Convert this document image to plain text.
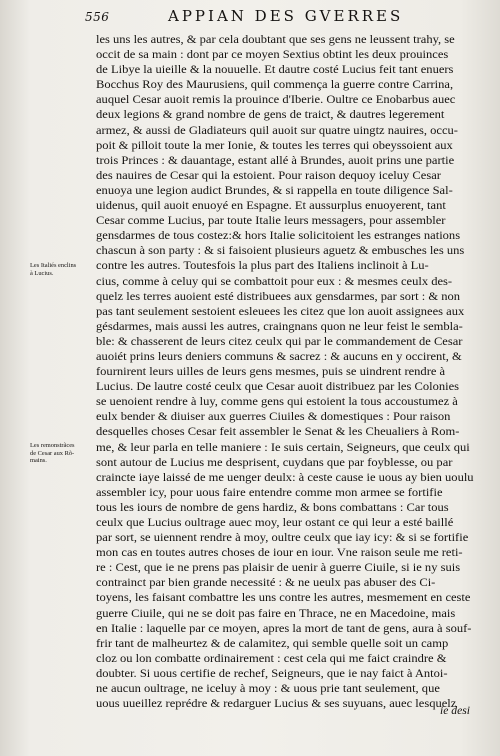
556	APPIAN DES GVERRES
les uns les autres, & par cela doubtant que ses gens ne leussent trahy, se
occit de sa main : dont par ce moyen Sextius obtint les deux prouinces
de Libye la uieille & la nouuelle. Et dautre costé Lucius feit tant enuers
Bocchus Roy des Maurusiens, quil commença la guerre contre Carrina,
auquel Cesar auoit remis la prouince d'Iberie. Oultre ce Enobarbus auec
deux legions & grand nombre de gens de traict, & dautres legerement
armez, & aussi de Gladiateurs quil auoit sur quatre uingtz nauires, occu-
poit & pilloit toute la mer Ionie, & toutes les terres qui obeyssoient aux
trois Princes : & dauantage, estant allé à Brundes, auoit prins une partie
des nauires de Cesar qui la estoient. Pour raison dequoy iceluy Cesar
enuoya une legion audict Brundes, & si rappella en toute diligence Sal-
uidenus, quil auoit enuoyé en Espagne. Et aussurplus enuoyerent, tant
Cesar comme Lucius, par toute Italie leurs messagers, pour assembler
gensdarmes de tous costez:& hors Italie solicitoient les estranges nations
chascun à son party : & si faisoient plusieurs aguetz & embusches les uns
contre les autres. Toutesfois la plus part des Italiens inclinoit à Lu-
cius, comme à celuy qui se combattoit pour eux : & mesmes ceulx des-
quelz les terres auoient esté distribuees aux gensdarmes, par sort : & non
pas tant seulement sestoient esleuees les citez que lon auoit assignees aux
gésdarmes, mais aussi les autres, craingnans quon ne leur feist le sembla-
ble: & chasserent de leurs citez ceulx qui par le commandement de Cesar
auoiét prins leurs deniers communs & sacrez : & aucuns en y occirent, &
fournirent leurs uilles de leurs gens mesmes, puis se uindrent rendre à
Lucius. De lautre costé ceulx que Cesar auoit distribuez par les Colonies
se uenoient rendre à luy, comme gens qui estoient la tous accoustumez à
eulx bender & diuiser aux guerres Ciuiles & domestiques : Pour raison
desquelles choses Cesar feit assembler le Senat & les Cheualiers à Rom-
me, & leur parla en telle maniere : Ie suis certain, Seigneurs, que ceulx qui
sont autour de Lucius me desprisent, cuydans que par foyblesse, ou par
craincte iaye laissé de me uenger deulx: à ceste cause ie uous ay bien uoulu
assembler icy, pour uous faire entendre comme mon armee se fortifie
tous les iours de nombre de gens hardiz, & bons combattans : Car tous
ceulx que Lucius oultrage auec moy, leur ostant ce qui leur a esté baillé
par sort, se uiennent rendre à moy, oultre ceulx que iay icy: & si se fortifie
mon cas en toutes autres choses de iour en iour. Vne raison seule me reti-
re : Cest, que ie ne prens pas plaisir de uenir à guerre Ciuile, si ie ny suis
contrainct par bien grande necessité : & ne ueulx pas abuser des Ci-
toyens, les faisant combattre les uns contre les autres, mesmement en ceste
guerre Ciuile, qui ne se doit pas faire en Thrace, ne en Macedoine, mais
en Italie : laquelle par ce moyen, apres la mort de tant de gens, aura à souf-
frir tant de malheurtez & de calamitez, qui semble quelle soit un camp
cloz ou lon combatte ordinairement : cest cela qui me faict craindre &
doubter. Si uous certifie de rechef, Seigneurs, que ie nay faict à Antoi-
ne aucun oultrage, ne iceluy à moy : & uous prie tant seulement, que
uous uueillez reprédre & redarguer Lucius & ses suyuans, auec lesquelz
Les Italiés enclins
à Lucius.
Les remonstrãces
de Cesar aux Rõ-
mains.
ie desi
